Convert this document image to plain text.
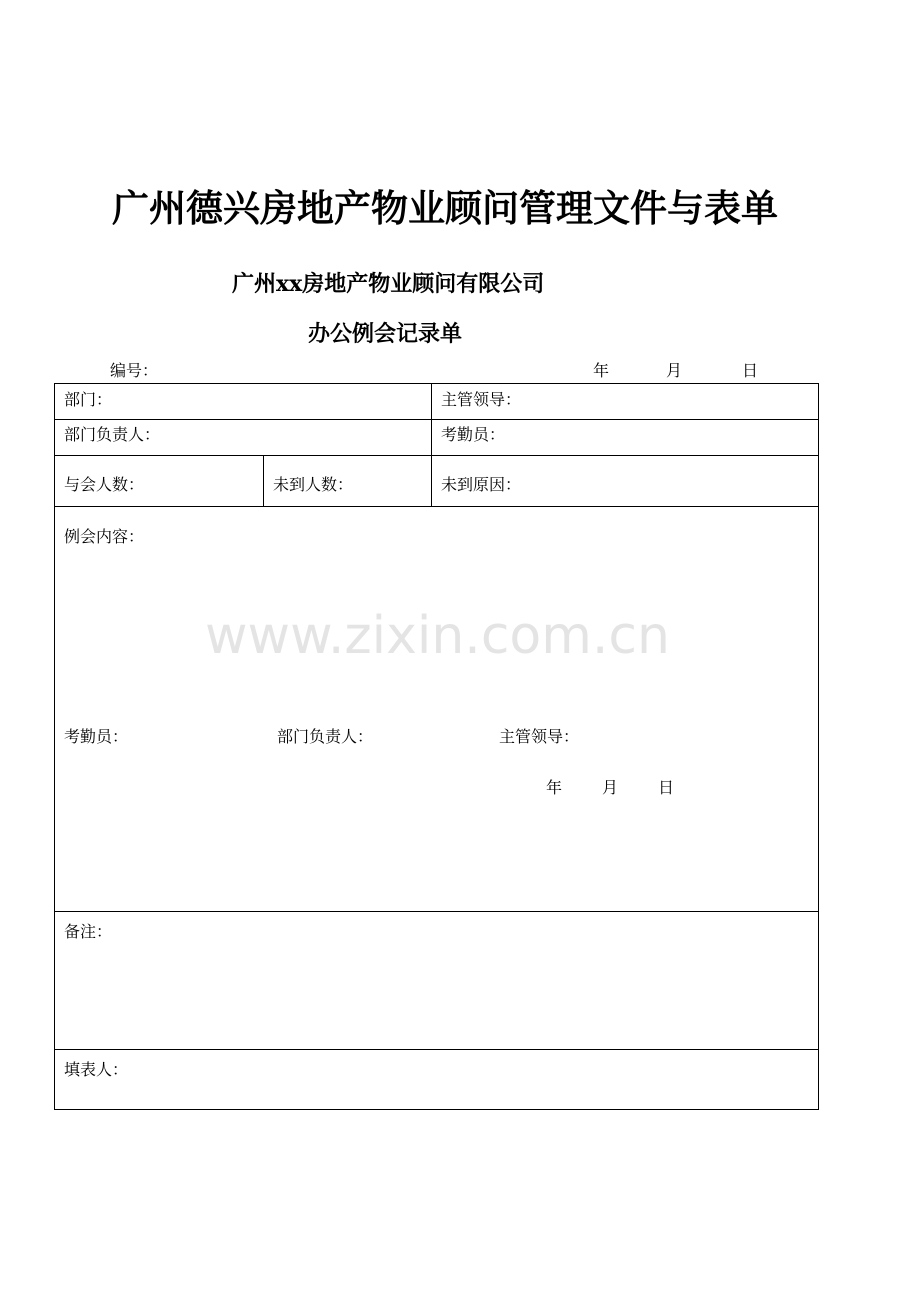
广州德兴房地产物业顾问管理文件与表单
广州xx房地产物业顾问有限公司
办公例会记录单
编号：	年	月	日
部门：	主管领导：
部门负责人：	考勤员：
与会人数：	未到人数：	未到原因：
例会内容：
www.zixin.com.cn
考勤员：	部门负责人：	主管领导：
年 月 日
备注：
填表人：
